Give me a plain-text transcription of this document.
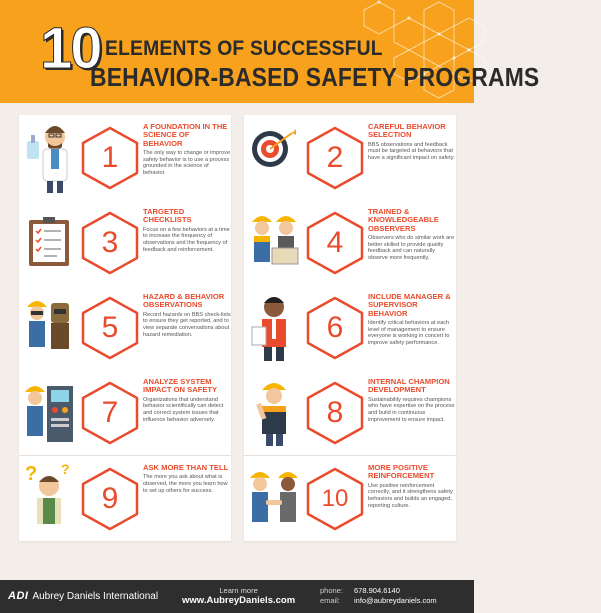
10 ELEMENTS OF SUCCESSFUL
BEHAVIOR-BASED SAFETY PROGRAMS
1
A FOUNDATION IN THE SCIENCE OF BEHAVIOR
The only way to change or improve safety behavior is to use a process grounded in the science of behavior.	2
CAREFUL BEHAVIOR SELECTION
BBS observations and feedback must be targeted at behaviors that have a significant impact on safety.
3
TARGETED CHECKLISTS
Focus on a few behaviors at a time to increase the frequency of observations and the frequency of feedback and reinforcement.	4
TRAINED & KNOWLEDGEABLE OBSERVERS
Observers who do similar work are better skilled to provide quality feedback and can naturally observe more frequently.
5
HAZARD & BEHAVIOR OBSERVATIONS
Record hazards on BBS check-lists to ensure they get reported, and to view separate conversations about hazard remediation.	6
INCLUDE MANAGER & SUPERVISOR BEHAVIOR
Identify critical behaviors at each level of management to ensure everyone is working in concert to improve safety performance.
7
ANALYZE SYSTEM IMPACT ON SAFETY
Organizations that understand behavior scientifically can detect and correct system issues that influence behavior adversely.	8
INTERNAL CHAMPION DEVELOPMENT
Sustainability requires champions who have expertise on the process and build in continuous improvement to ensure impact.
? ?
9
ASK MORE THAN TELL
The more you ask about what is observed, the more you learn how to set up others for success.	10
MORE POSITIVE REINFORCEMENT
Use positive reinforcement correctly, and it strengthens safety behaviors and builds an engaged, reporting culture.
ADI Aubrey Daniels International	Learn more
www.AubreyDaniels.com
phone: 678.904.6140
email: info@aubreydaniels.com
